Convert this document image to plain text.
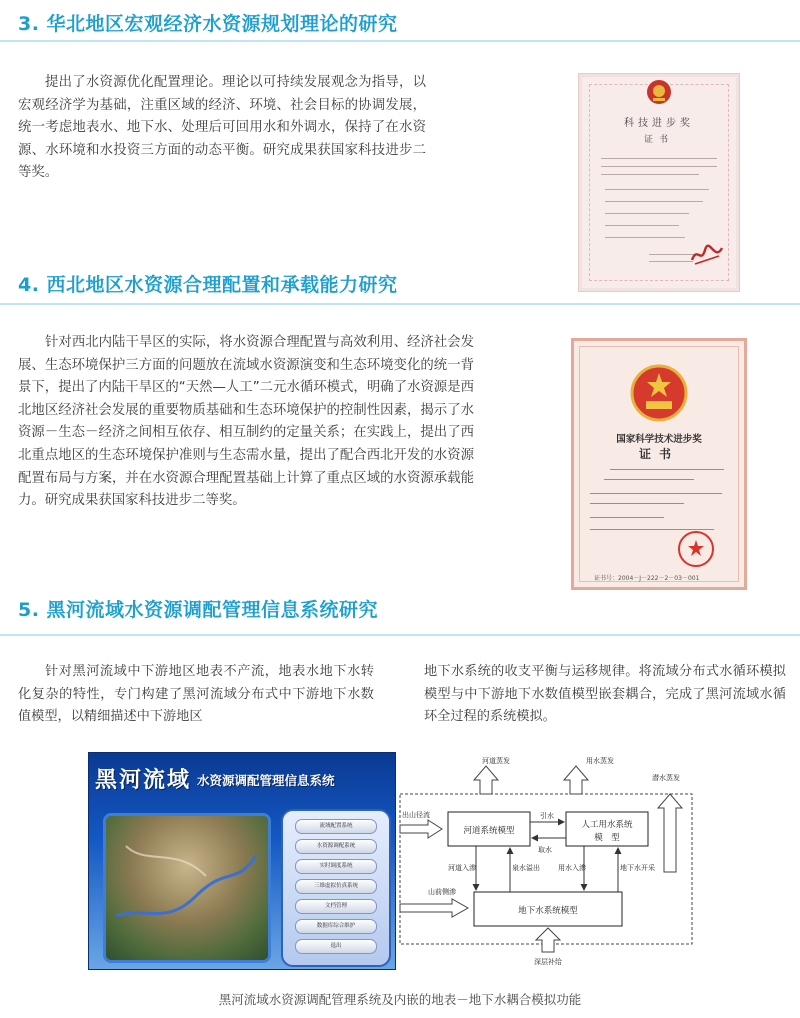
3. 华北地区宏观经济水资源规划理论的研究

提出了水资源优化配置理论。理论以可持续发展观念为指导，以宏观经济学为基础，注重区域的经济、环境、社会目标的协调发展，统一考虑地表水、地下水、处理后可回用水和外调水，保持了在水资源、水环境和水投资三方面的动态平衡。研究成果获国家科技进步二等奖。

科技进步奖
证书
4. 西北地区水资源合理配置和承载能力研究

针对西北内陆干旱区的实际，将水资源合理配置与高效利用、经济社会发展、生态环境保护三方面的问题放在流域水资源演变和生态环境变化的统一背景下，提出了内陆干旱区的“天然—人工”二元水循环模式，明确了水资源是西北地区经济社会发展的重要物质基础和生态环境保护的控制性因素，揭示了水资源－生态－经济之间相互依存、相互制约的定量关系；在实践上，提出了西北重点地区的生态环境保护准则与生态需水量，提出了配合西北开发的水资源配置布局与方案，并在水资源合理配置基础上计算了重点区域的水资源承载能力。研究成果获国家科技进步二等奖。

国家科学技术进步奖
证书
证书号：2004－J－222－2－03－001
5. 黑河流域水资源调配管理信息系统研究

针对黑河流域中下游地区地表不产流，地表水地下水转化复杂的特性，专门构建了黑河流域分布式中下游地下水数值模型，以精细描述中下游地区

地下水系统的收支平衡与运移规律。将流域分布式水循环模拟模型与中下游地下水数值模型嵌套耦合，完成了黑河流域水循环全过程的系统模拟。

黑河流域 水资源调配管理信息系统
流域配置系统
水资源调配系统
实时调度系统
三维虚拟仿真系统
文档管理
数据库综合维护
退出
河道蒸发	用水蒸发
潜水蒸发
河道系统模型
人工用水系统
模　型
地下水系统模型
出山径流	引水
取水
河道入渗	泉水溢出	用水入渗	地下水开采
山前侧渗
深层补给
黑河流域水资源调配管理系统及内嵌的地表－地下水耦合模拟功能
